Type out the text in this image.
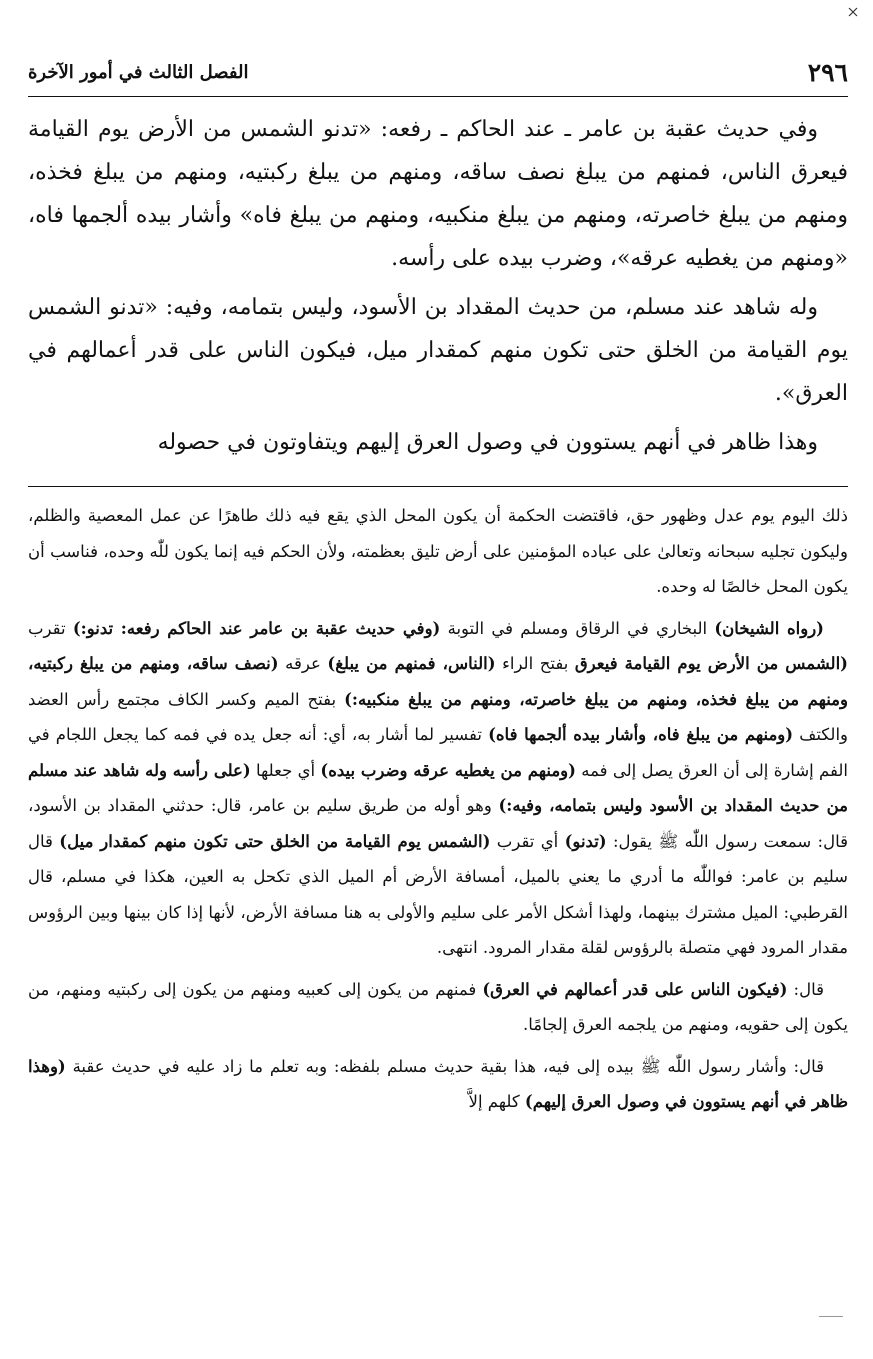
٢٩٦
الفصل الثالث في أمور الآخرة

وفي حديث عقبة بن عامر ـ عند الحاكم ـ رفعه: «تدنو الشمس من الأرض يوم القيامة فيعرق الناس، فمنهم من يبلغ نصف ساقه، ومنهم من يبلغ ركبتيه، ومنهم من يبلغ فخذه، ومنهم من يبلغ خاصرته، ومنهم من يبلغ منكبيه، ومنهم من يبلغ فاه» وأشار بيده ألجمها فاه، «ومنهم من يغطيه عرقه»، وضرب بيده على رأسه.

وله شاهد عند مسلم، من حديث المقداد بن الأسود، وليس بتمامه، وفيه: «تدنو الشمس يوم القيامة من الخلق حتى تكون منهم كمقدار ميل، فيكون الناس على قدر أعمالهم في العرق».

وهذا ظاهر في أنهم يستوون في وصول العرق إليهم ويتفاوتون في حصوله

ذلك اليوم يوم عدل وظهور حق، فاقتضت الحكمة أن يكون المحل الذي يقع فيه ذلك طاهرًا عن عمل المعصية والظلم، وليكون تجليه سبحانه وتعالىٰ على عباده المؤمنين على أرض تليق بعظمته، ولأن الحكم فيه إنما يكون للّٰه وحده، فناسب أن يكون المحل خالصًا له وحده.

(رواه الشيخان) البخاري في الرقاق ومسلم في التوبة (وفي حديث عقبة بن عامر عند الحاكم رفعه: تدنو:) تقرب (الشمس من الأرض يوم القيامة فيعرق بفتح الراء (الناس، فمنهم من يبلغ) عرقه (نصف ساقه، ومنهم من يبلغ ركبتيه، ومنهم من يبلغ فخذه، ومنهم من يبلغ خاصرته، ومنهم من يبلغ منكبيه:) بفتح الميم وكسر الكاف مجتمع رأس العضد والكتف (ومنهم من يبلغ فاه، وأشار بيده ألجمها فاه) تفسير لما أشار به، أي: أنه جعل يده في فمه كما يجعل اللجام في الفم إشارة إلى أن العرق يصل إلى فمه (ومنهم من يغطيه عرقه وضرب بيده) أي جعلها (على رأسه وله شاهد عند مسلم من حديث المقداد بن الأسود وليس بتمامه، وفيه:) وهو أوله من طريق سليم بن عامر، قال: حدثني المقداد بن الأسود، قال: سمعت رسول اللّٰه ﷺ يقول: (تدنو) أي تقرب (الشمس يوم القيامة من الخلق حتى تكون منهم كمقدار ميل) قال سليم بن عامر: فواللّٰه ما أدري ما يعني بالميل، أمسافة الأرض أم الميل الذي تكحل به العين، هكذا في مسلم، قال القرطبي: الميل مشترك بينهما، ولهذا أشكل الأمر على سليم والأولى به هنا مسافة الأرض، لأنها إذا كان بينها وبين الرؤوس مقدار المرود فهي متصلة بالرؤوس لقلة مقدار المرود. انتهى.

قال: (فيكون الناس على قدر أعمالهم في العرق) فمنهم من يكون إلى كعبيه ومنهم من يكون إلى ركبتيه ومنهم، من يكون إلى حقويه، ومنهم من يلجمه العرق إلجامًا.

قال: وأشار رسول اللّٰه ﷺ بيده إلى فيه، هذا بقية حديث مسلم بلفظه: وبه تعلم ما زاد عليه في حديث عقبة (وهذا ظاهر في أنهم يستوون في وصول العرق إليهم) كلهم إلاَّ
